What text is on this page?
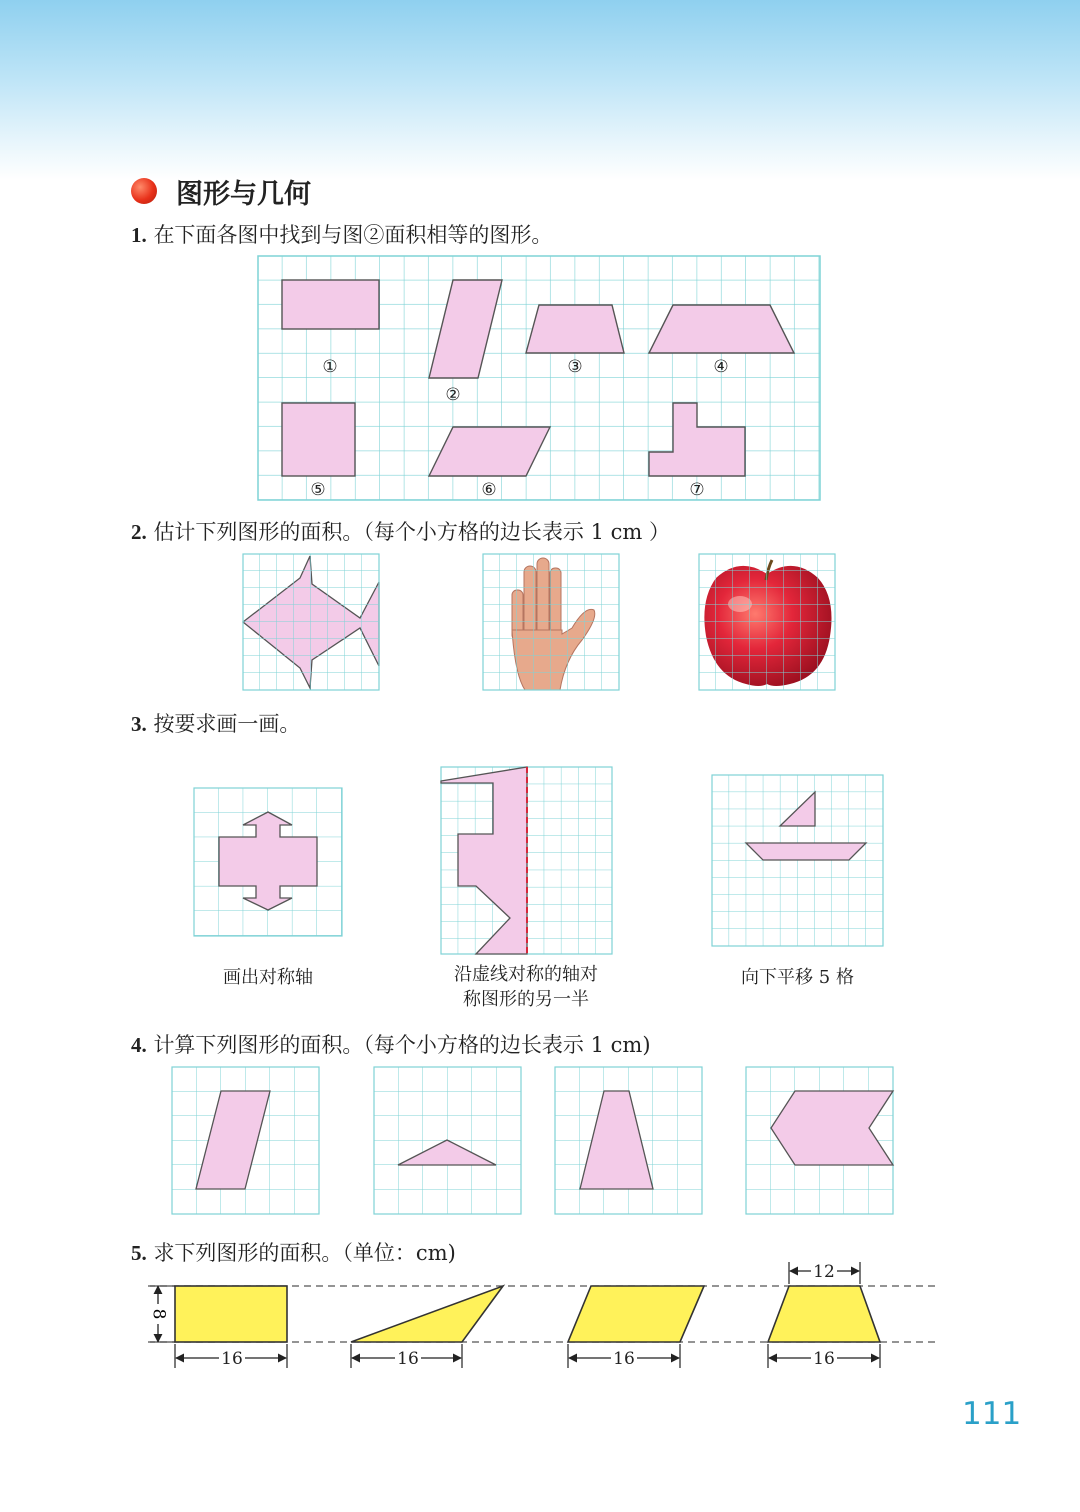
图形与几何
1. 在下面各图中找到与图②面积相等的图形。
①
②
③	④
⑤	⑥	⑦
2. 估计下列图形的面积。（每个小方格的边长表示 1 cm ）
3. 按要求画一画。
画出对称轴	沿虚线对称的轴对
称图形的另一半
向下平移 5 格
4. 计算下列图形的面积。（每个小方格的边长表示 1 cm)
5. 求下列图形的面积。（单位：cm)
8
16	16	16	16
12
111
